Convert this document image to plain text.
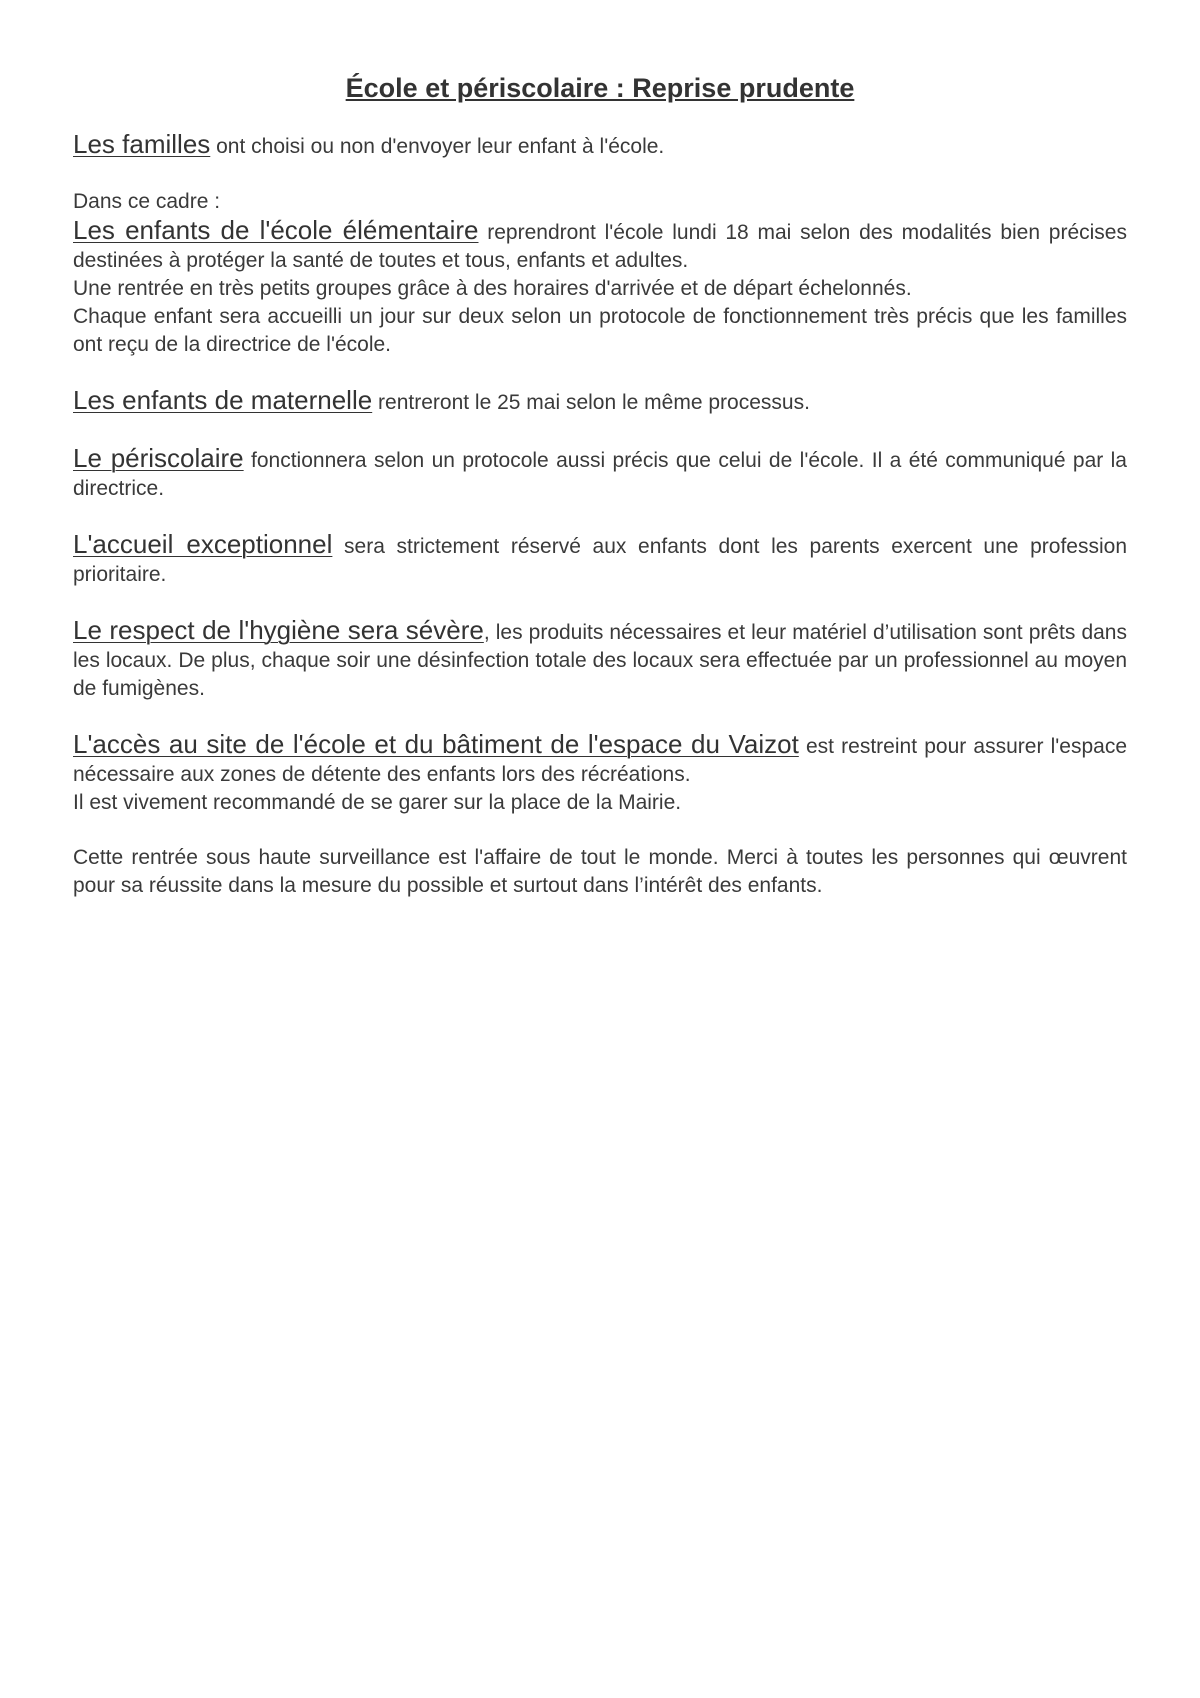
École et périscolaire : Reprise prudente

Les familles ont choisi ou non d'envoyer leur enfant à l'école.

Dans ce cadre :
Les enfants de l'école élémentaire reprendront l'école lundi 18 mai selon des modalités bien précises destinées à protéger la santé de toutes et tous, enfants et adultes.
Une rentrée en très petits groupes grâce à des horaires d'arrivée et de départ échelonnés.
Chaque enfant sera accueilli un jour sur deux selon un protocole de fonctionnement très précis que les familles ont reçu de la directrice de l'école.

Les enfants de maternelle rentreront le 25 mai selon le même processus.

Le périscolaire fonctionnera selon un protocole aussi précis que celui de l'école. Il a été communiqué par la directrice.

L'accueil exceptionnel sera strictement réservé aux enfants dont les parents exercent une profession prioritaire.

Le respect de l'hygiène sera sévère, les produits nécessaires et leur matériel d’utilisation sont prêts dans les locaux. De plus, chaque soir une désinfection totale des locaux sera effectuée par un professionnel au moyen de fumigènes.

L'accès au site de l'école et du bâtiment de l'espace du Vaizot est restreint pour assurer l'espace nécessaire aux zones de détente des enfants lors des récréations.
Il est vivement recommandé de se garer sur la place de la Mairie.

Cette rentrée sous haute surveillance est l'affaire de tout le monde. Merci à toutes les personnes qui œuvrent pour sa réussite dans la mesure du possible et surtout dans l’intérêt des enfants.
